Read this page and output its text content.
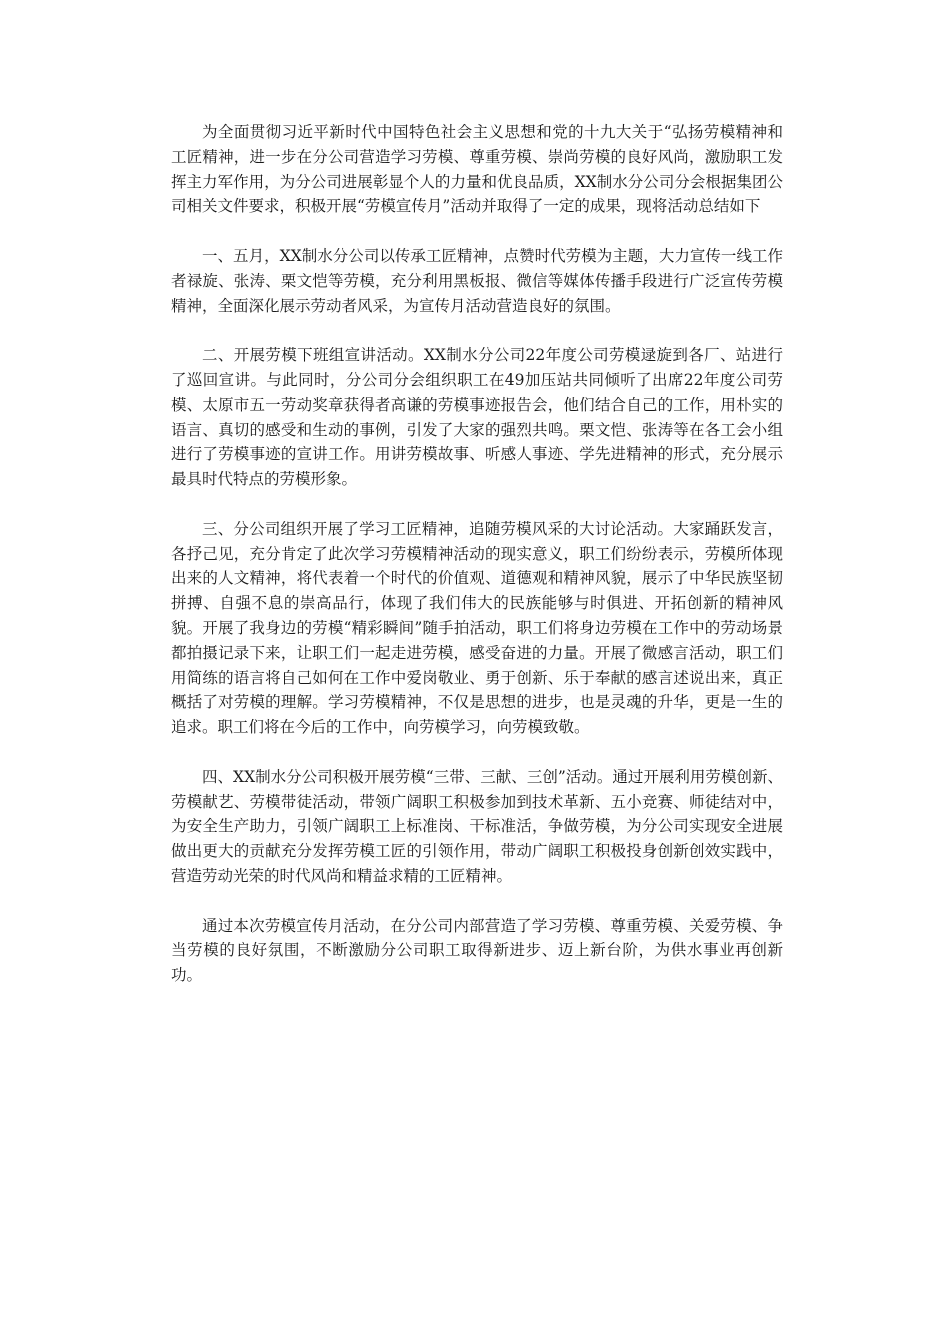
为全面贯彻习近平新时代中国特色社会主义思想和党的十九大关于“弘扬劳模精神和工匠精神，进一步在分公司营造学习劳模、尊重劳模、崇尚劳模的良好风尚，激励职工发挥主力军作用，为分公司进展彰显个人的力量和优良品质，XX制水分公司分会根据集团公司相关文件要求，积极开展“劳模宣传月”活动并取得了一定的成果，现将活动总结如下

一、五月，XX制水分公司以传承工匠精神，点赞时代劳模为主题，大力宣传一线工作者禄旋、张涛、栗文恺等劳模，充分利用黑板报、微信等媒体传播手段进行广泛宣传劳模精神，全面深化展示劳动者风采，为宣传月活动营造良好的氛围。

二、开展劳模下班组宣讲活动。XX制水分公司22年度公司劳模逯旋到各厂、站进行了巡回宣讲。与此同时，分公司分会组织职工在49加压站共同倾听了出席22年度公司劳模、太原市五一劳动奖章获得者高谦的劳模事迹报告会，他们结合自己的工作，用朴实的语言、真切的感受和生动的事例，引发了大家的强烈共鸣。栗文恺、张涛等在各工会小组进行了劳模事迹的宣讲工作。用讲劳模故事、听感人事迹、学先进精神的形式，充分展示最具时代特点的劳模形象。

三、分公司组织开展了学习工匠精神，追随劳模风采的大讨论活动。大家踊跃发言，各抒己见，充分肯定了此次学习劳模精神活动的现实意义，职工们纷纷表示，劳模所体现出来的人文精神，将代表着一个时代的价值观、道德观和精神风貌，展示了中华民族坚韧拼搏、自强不息的崇高品行，体现了我们伟大的民族能够与时俱进、开拓创新的精神风貌。开展了我身边的劳模“精彩瞬间”随手拍活动，职工们将身边劳模在工作中的劳动场景都拍摄记录下来，让职工们一起走进劳模，感受奋进的力量。开展了微感言活动，职工们用简练的语言将自己如何在工作中爱岗敬业、勇于创新、乐于奉献的感言述说出来，真正概括了对劳模的理解。学习劳模精神，不仅是思想的进步，也是灵魂的升华，更是一生的追求。职工们将在今后的工作中，向劳模学习，向劳模致敬。

四、XX制水分公司积极开展劳模“三带、三献、三创”活动。通过开展利用劳模创新、劳模献艺、劳模带徒活动，带领广阔职工积极参加到技术革新、五小竞赛、师徒结对中，为安全生产助力，引领广阔职工上标准岗、干标准活，争做劳模，为分公司实现安全进展做出更大的贡献充分发挥劳模工匠的引领作用，带动广阔职工积极投身创新创效实践中，营造劳动光荣的时代风尚和精益求精的工匠精神。

通过本次劳模宣传月活动，在分公司内部营造了学习劳模、尊重劳模、关爱劳模、争当劳模的良好氛围，不断激励分公司职工取得新进步、迈上新台阶，为供水事业再创新功。
